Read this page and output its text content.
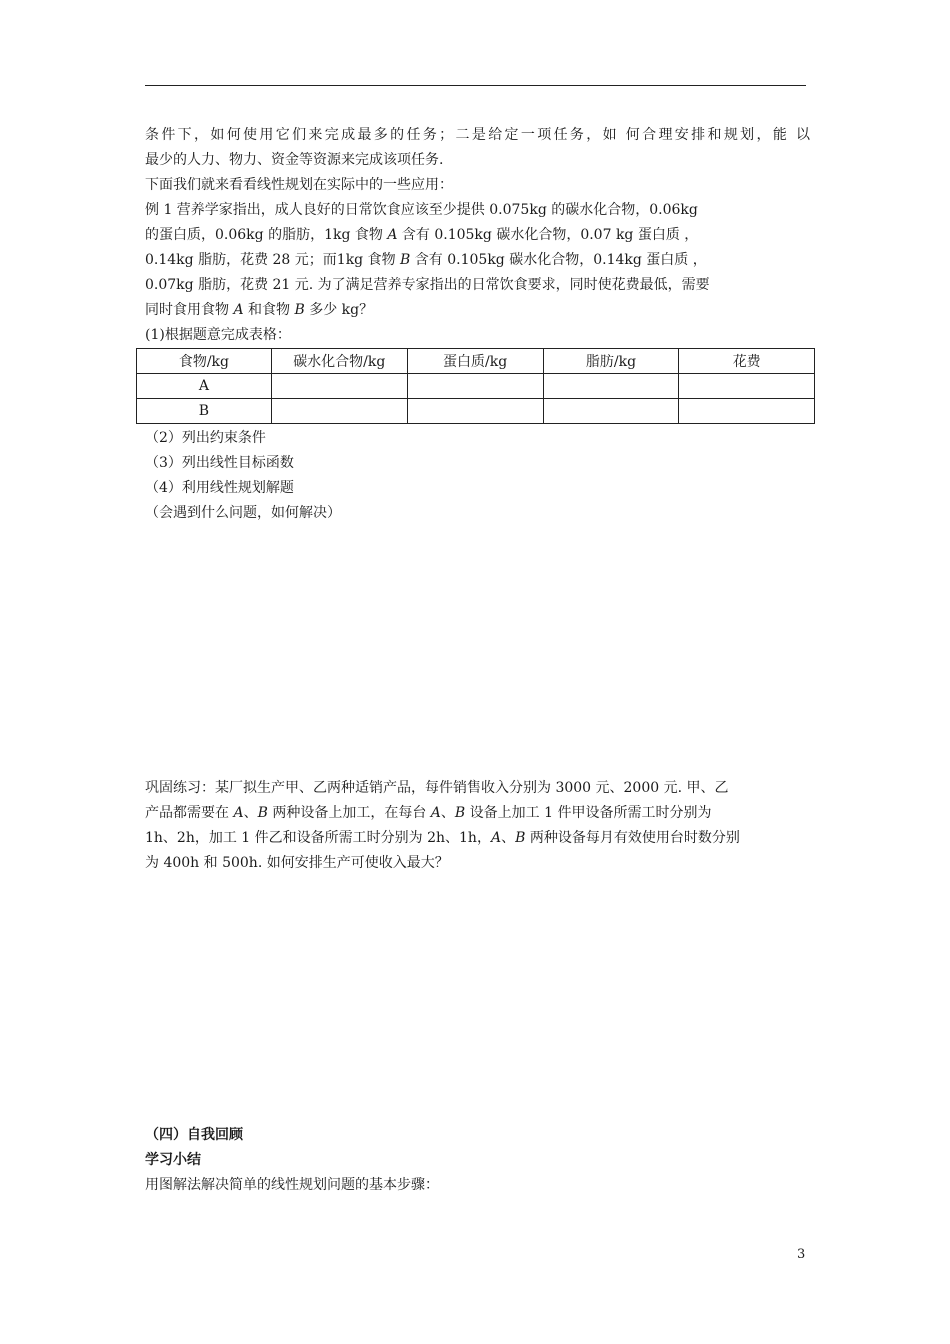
条件下，如何使用它们来完成最多的任务；二是给定一项任务，如 何合理安排和规划，能 以
最少的人力、物力、资金等资源来完成该项任务.
下面我们就来看看线性规划在实际中的一些应用：
例 1 营养学家指出，成人良好的日常饮食应该至少提供 0.075kg 的碳水化合物，0.06kg
的蛋白质，0.06kg 的脂肪，1kg 食物 A 含有 0.105kg 碳水化合物，0.07 kg 蛋白质 ，
0.14kg 脂肪，花费 28 元；而1kg 食物 B 含有 0.105kg 碳水化合物，0.14kg 蛋白质 ，
0.07kg 脂肪，花费 21 元. 为了满足营养专家指出的日常饮食要求，同时使花费最低，需要
同时食用食物 A 和食物 B 多少 kg？
(1)根据题意完成表格：
食物/kg	碳水化合物/kg	蛋白质/kg	脂肪/kg	花费
A				
B				
（2）列出约束条件
（3）列出线性目标函数
（4）利用线性规划解题
（会遇到什么问题，如何解决）
巩固练习：某厂拟生产甲、乙两种适销产品，每件销售收入分别为 3000 元、2000 元. 甲、乙
产品都需要在 A、B 两种设备上加工，在每台 A、B 设备上加工 1 件甲设备所需工时分别为
1h、2h，加工 1 件乙和设备所需工时分别为 2h、1h，A、B 两种设备每月有效使用台时数分别
为 400h 和 500h. 如何安排生产可使收入最大？
（四）自我回顾
学习小结
用图解法解决简单的线性规划问题的基本步骤：
3
